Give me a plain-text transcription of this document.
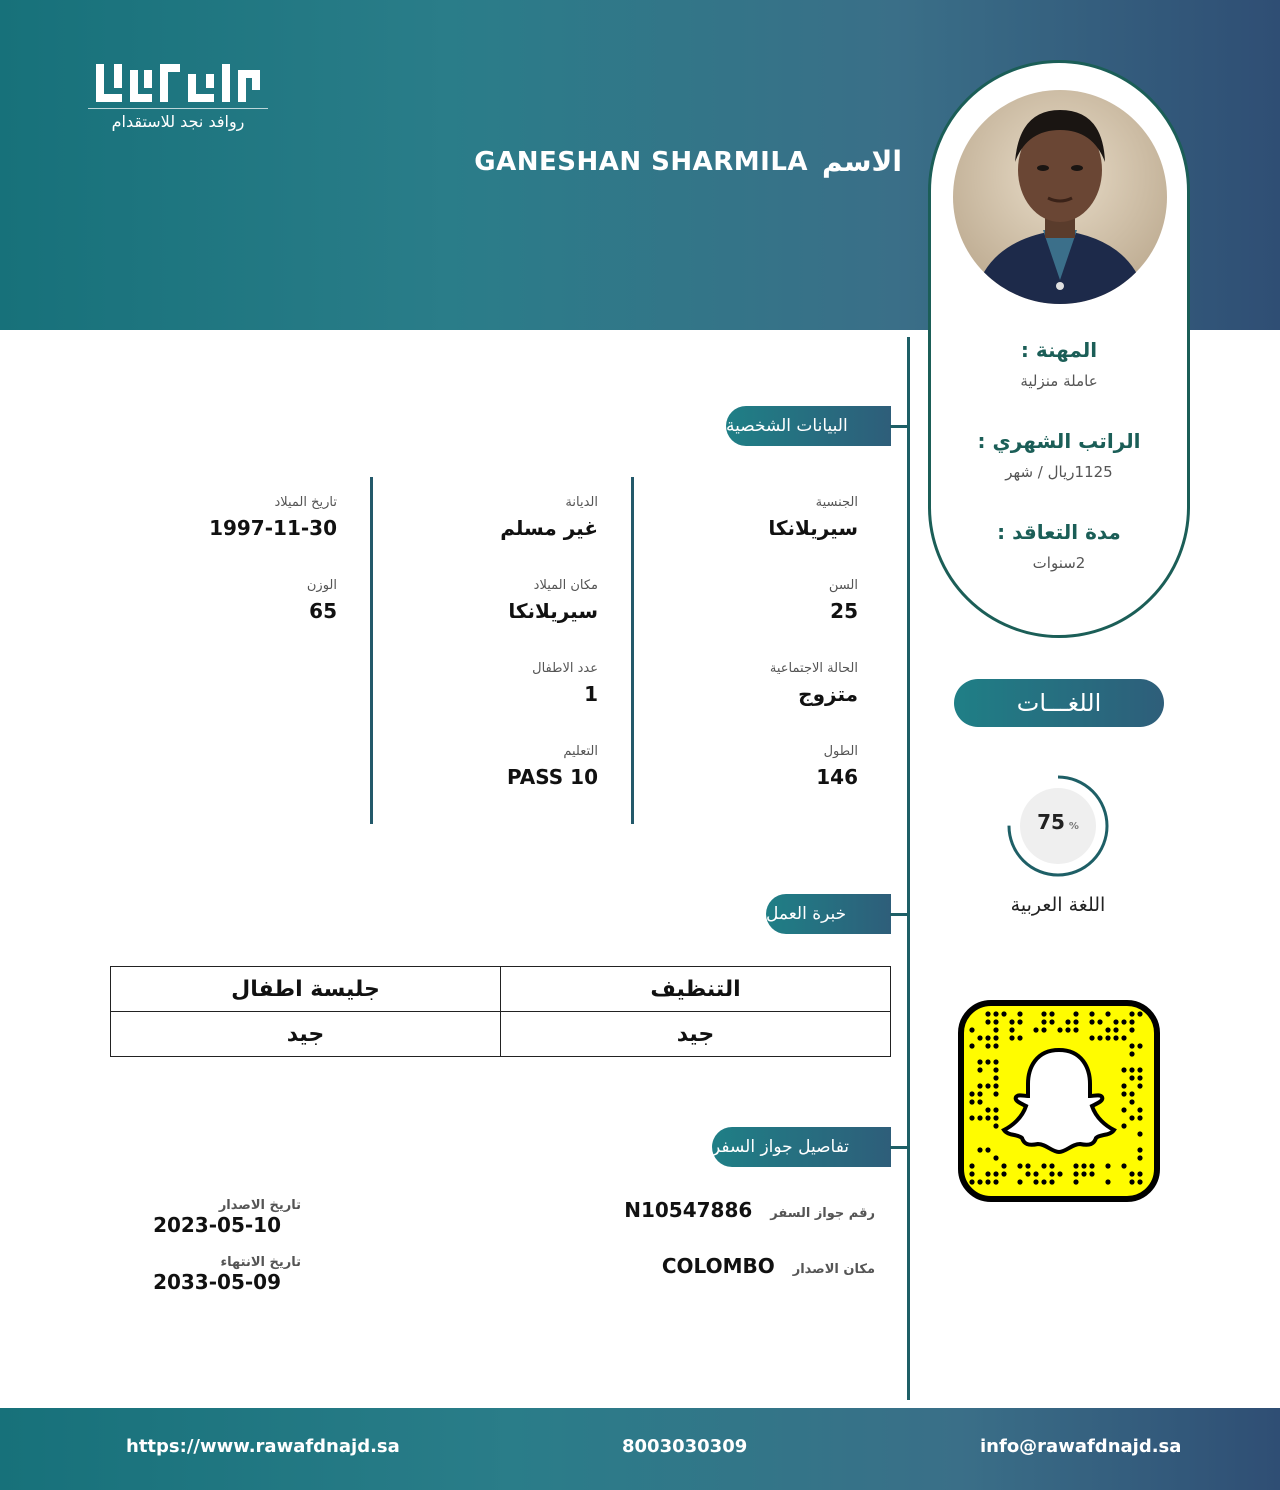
روافد نجد للاستقدام
الاسم
GANESHAN SHARMILA
المهنة :
عاملة منزلية
الراتب الشهري :
1125ريال / شهر
مدة التعاقد :
2سنوات
البيانات الشخصية
الجنسية
سيريلانكا
السن
25
الحالة الاجتماعية
متزوج
الطول
146
الديانة
غير مسلم
مكان الميلاد
سيريلانكا
عدد الاطفال
1
التعليم
10 PASS
تاريخ الميلاد
1997-11-30
الوزن
65
خبرة العمل
التنظيف	جليسة اطفال
جيد	جيد
تفاصيل جواز السفر
رقم جواز السفر
N10547886
مكان الاصدار
COLOMBO
تاريخ الاصدار
2023-05-10
تاريخ الانتهاء
2033-05-09
اللغـــات
75 %
اللغة العربية
https://www.rawafdnajd.sa	8003030309	info@rawafdnajd.sa
